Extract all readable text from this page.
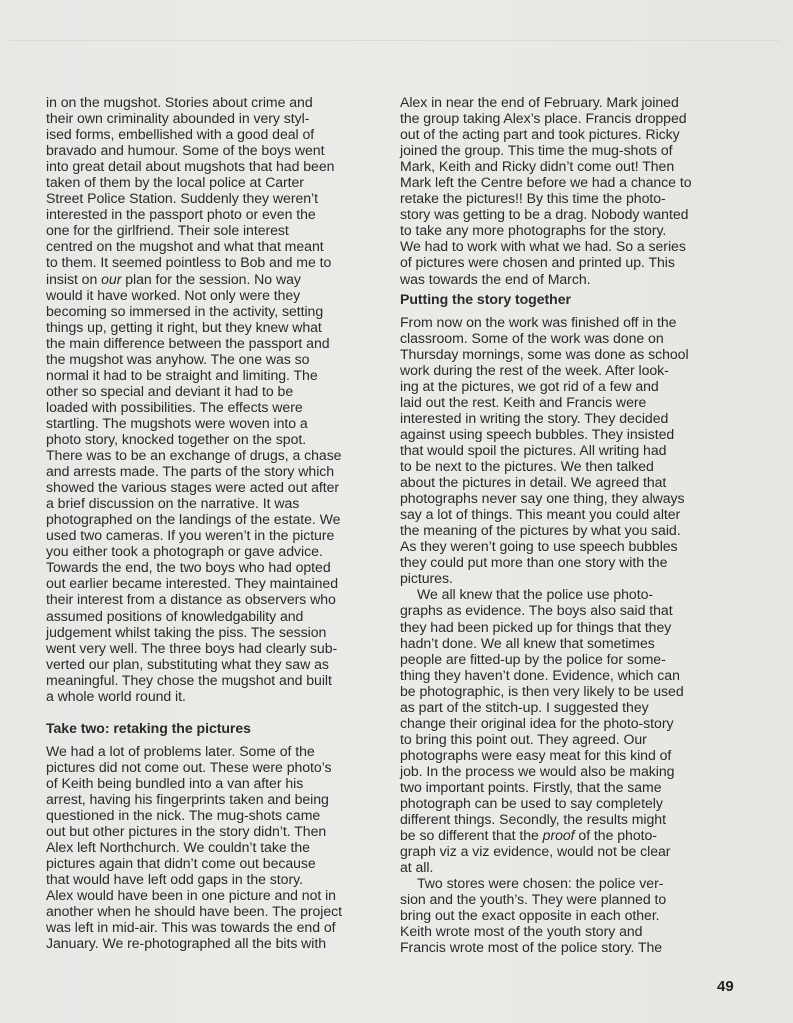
in on the mugshot. Stories about crime and
their own criminality abounded in very styl-
ised forms, embellished with a good deal of
bravado and humour. Some of the boys went
into great detail about mugshots that had been
taken of them by the local police at Carter
Street Police Station. Suddenly they weren’t
interested in the passport photo or even the
one for the girlfriend. Their sole interest
centred on the mugshot and what that meant
to them. It seemed pointless to Bob and me to
insist on our plan for the session. No way
would it have worked. Not only were they
becoming so immersed in the activity, setting
things up, getting it right, but they knew what
the main difference between the passport and
the mugshot was anyhow. The one was so
normal it had to be straight and limiting. The
other so special and deviant it had to be
loaded with possibilities. The effects were
startling. The mugshots were woven into a
photo story, knocked together on the spot.
There was to be an exchange of drugs, a chase
and arrests made. The parts of the story which
showed the various stages were acted out after
a brief discussion on the narrative. It was
photographed on the landings of the estate. We
used two cameras. If you weren’t in the picture
you either took a photograph or gave advice.
Towards the end, the two boys who had opted
out earlier became interested. They maintained
their interest from a distance as observers who
assumed positions of knowledgability and
judgement whilst taking the piss. The session
went very well. The three boys had clearly sub-
verted our plan, substituting what they saw as
meaningful. They chose the mugshot and built
a whole world round it.
Take two: retaking the pictures
We had a lot of problems later. Some of the
pictures did not come out. These were photo’s
of Keith being bundled into a van after his
arrest, having his fingerprints taken and being
questioned in the nick. The mug-shots came
out but other pictures in the story didn’t. Then
Alex left Northchurch. We couldn’t take the
pictures again that didn’t come out because
that would have left odd gaps in the story.
Alex would have been in one picture and not in
another when he should have been. The project
was left in mid-air. This was towards the end of
January. We re-photographed all the bits with
Alex in near the end of February. Mark joined
the group taking Alex’s place. Francis dropped
out of the acting part and took pictures. Ricky
joined the group. This time the mug-shots of
Mark, Keith and Ricky didn’t come out! Then
Mark left the Centre before we had a chance to
retake the pictures!! By this time the photo-
story was getting to be a drag. Nobody wanted
to take any more photographs for the story.
We had to work with what we had. So a series
of pictures were chosen and printed up. This
was towards the end of March.
Putting the story together
From now on the work was finished off in the
classroom. Some of the work was done on
Thursday mornings, some was done as school
work during the rest of the week. After look-
ing at the pictures, we got rid of a few and
laid out the rest. Keith and Francis were
interested in writing the story. They decided
against using speech bubbles. They insisted
that would spoil the pictures. All writing had
to be next to the pictures. We then talked
about the pictures in detail. We agreed that
photographs never say one thing, they always
say a lot of things. This meant you could alter
the meaning of the pictures by what you said.
As they weren’t going to use speech bubbles
they could put more than one story with the
pictures.
We all knew that the police use photo-
graphs as evidence. The boys also said that
they had been picked up for things that they
hadn’t done. We all knew that sometimes
people are fitted-up by the police for some-
thing they haven’t done. Evidence, which can
be photographic, is then very likely to be used
as part of the stitch-up. I suggested they
change their original idea for the photo-story
to bring this point out. They agreed. Our
photographs were easy meat for this kind of
job. In the process we would also be making
two important points. Firstly, that the same
photograph can be used to say completely
different things. Secondly, the results might
be so different that the proof of the photo-
graph viz a viz evidence, would not be clear
at all.
Two stores were chosen: the police ver-
sion and the youth’s. They were planned to
bring out the exact opposite in each other.
Keith wrote most of the youth story and
Francis wrote most of the police story. The
49
